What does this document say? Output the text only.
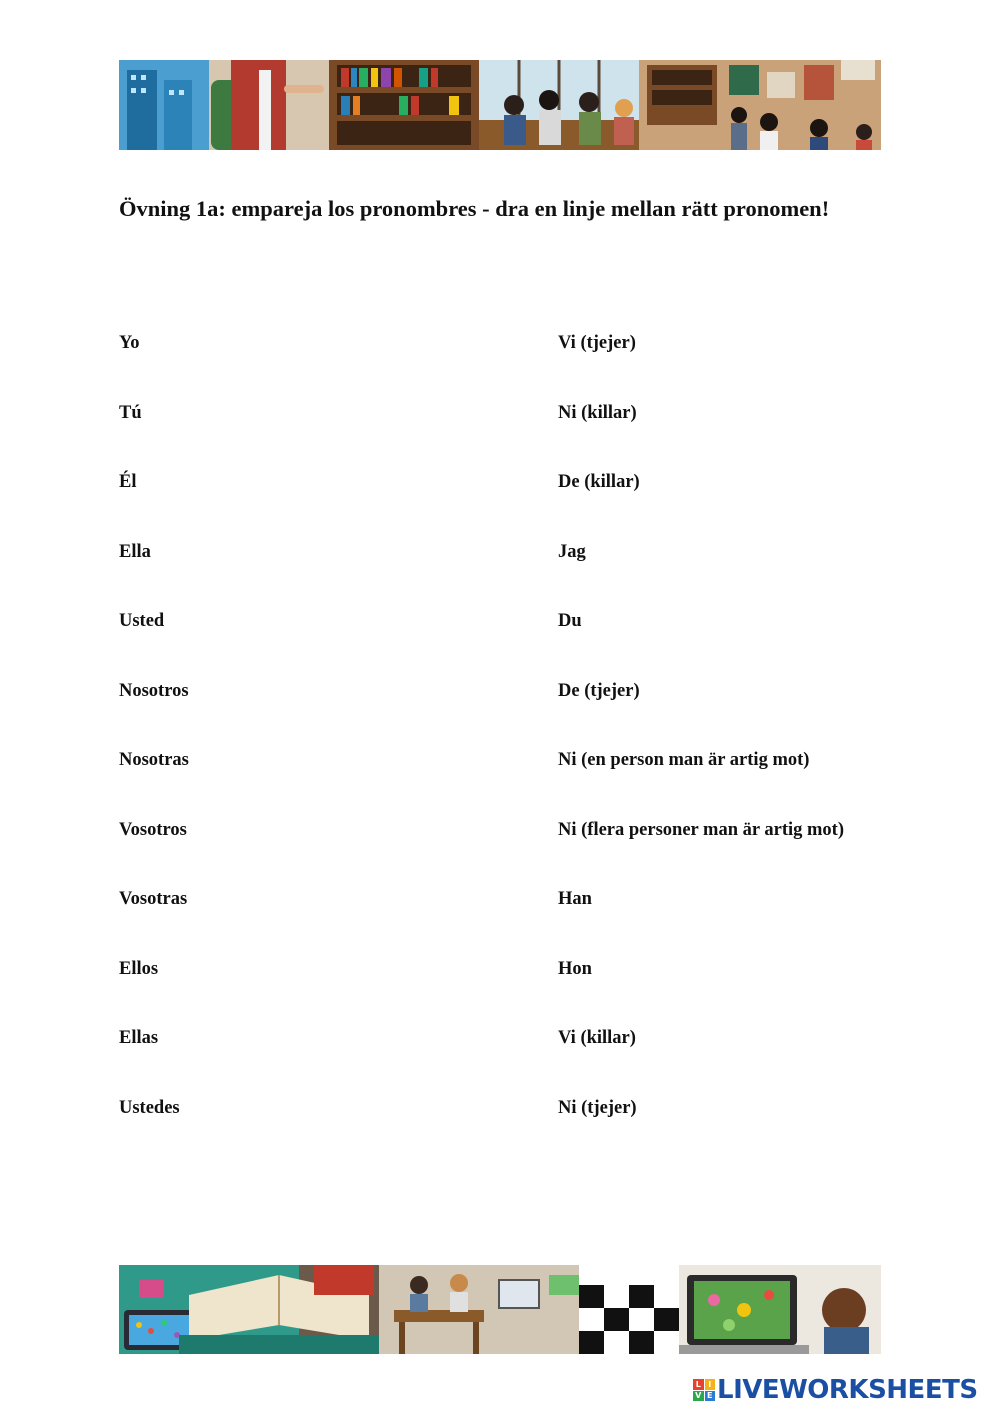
Övning 1a: empareja los pronombres - dra en linje mellan rätt pronomen!
Yo
Tú
Él
Ella
Usted
Nosotros
Nosotras
Vosotros
Vosotras
Ellos
Ellas
Ustedes
Vi (tjejer)
Ni (killar)
De (killar)
Jag
Du
De (tjejer)
Ni (en person man är artig mot)
Ni (flera personer man är artig mot)
Han
Hon
Vi (killar)
Ni (tjejer)
L I
V E LIVEWORKSHEETS
